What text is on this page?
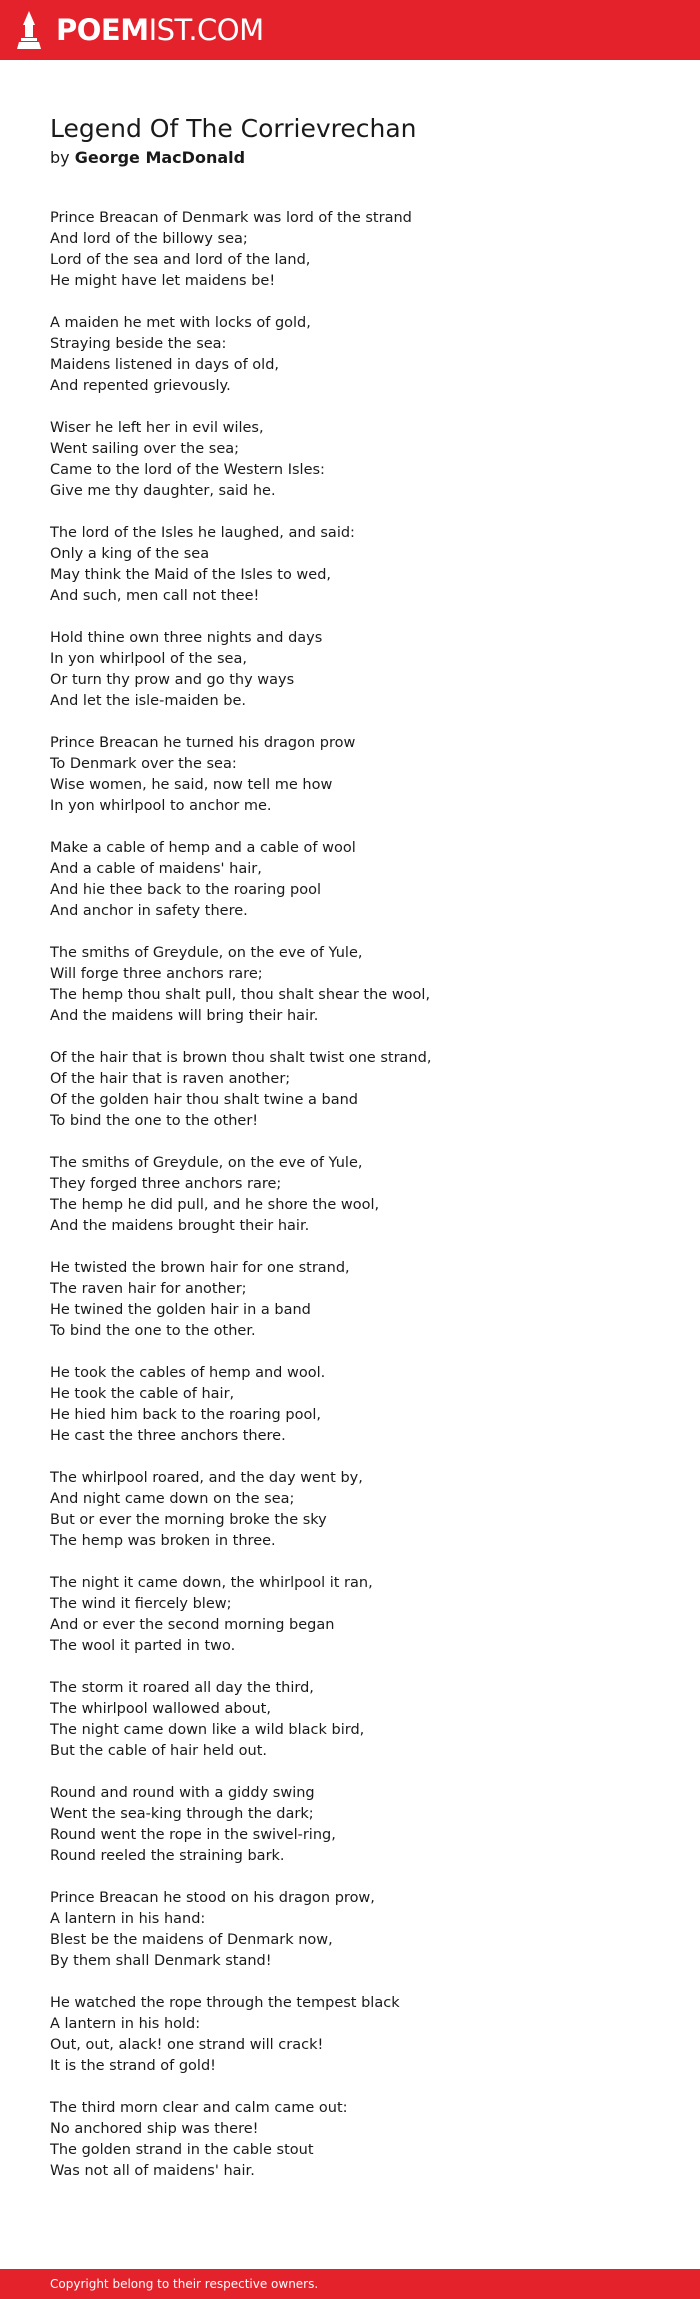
POEMIST.COM
Legend Of The Corrievrechan

by George MacDonald

Prince Breacan of Denmark was lord of the strand
And lord of the billowy sea;
Lord of the sea and lord of the land,
He might have let maidens be!

A maiden he met with locks of gold,
Straying beside the sea:
Maidens listened in days of old,
And repented grievously.

Wiser he left her in evil wiles,
Went sailing over the sea;
Came to the lord of the Western Isles:
Give me thy daughter, said he.

The lord of the Isles he laughed, and said:
Only a king of the sea
May think the Maid of the Isles to wed,
And such, men call not thee!

Hold thine own three nights and days
In yon whirlpool of the sea,
Or turn thy prow and go thy ways
And let the isle-maiden be.

Prince Breacan he turned his dragon prow
To Denmark over the sea:
Wise women, he said, now tell me how
In yon whirlpool to anchor me.

Make a cable of hemp and a cable of wool
And a cable of maidens' hair,
And hie thee back to the roaring pool
And anchor in safety there.

The smiths of Greydule, on the eve of Yule,
Will forge three anchors rare;
The hemp thou shalt pull, thou shalt shear the wool,
And the maidens will bring their hair.

Of the hair that is brown thou shalt twist one strand,
Of the hair that is raven another;
Of the golden hair thou shalt twine a band
To bind the one to the other!

The smiths of Greydule, on the eve of Yule,
They forged three anchors rare;
The hemp he did pull, and he shore the wool,
And the maidens brought their hair.

He twisted the brown hair for one strand,
The raven hair for another;
He twined the golden hair in a band
To bind the one to the other.

He took the cables of hemp and wool.
He took the cable of hair,
He hied him back to the roaring pool,
He cast the three anchors there.

The whirlpool roared, and the day went by,
And night came down on the sea;
But or ever the morning broke the sky
The hemp was broken in three.

The night it came down, the whirlpool it ran,
The wind it fiercely blew;
And or ever the second morning began
The wool it parted in two.

The storm it roared all day the third,
The whirlpool wallowed about,
The night came down like a wild black bird,
But the cable of hair held out.

Round and round with a giddy swing
Went the sea-king through the dark;
Round went the rope in the swivel-ring,
Round reeled the straining bark.

Prince Breacan he stood on his dragon prow,
A lantern in his hand:
Blest be the maidens of Denmark now,
By them shall Denmark stand!

He watched the rope through the tempest black
A lantern in his hold:
Out, out, alack! one strand will crack!
It is the strand of gold!

The third morn clear and calm came out:
No anchored ship was there!
The golden strand in the cable stout
Was not all of maidens' hair.

Copyright belong to their respective owners.
